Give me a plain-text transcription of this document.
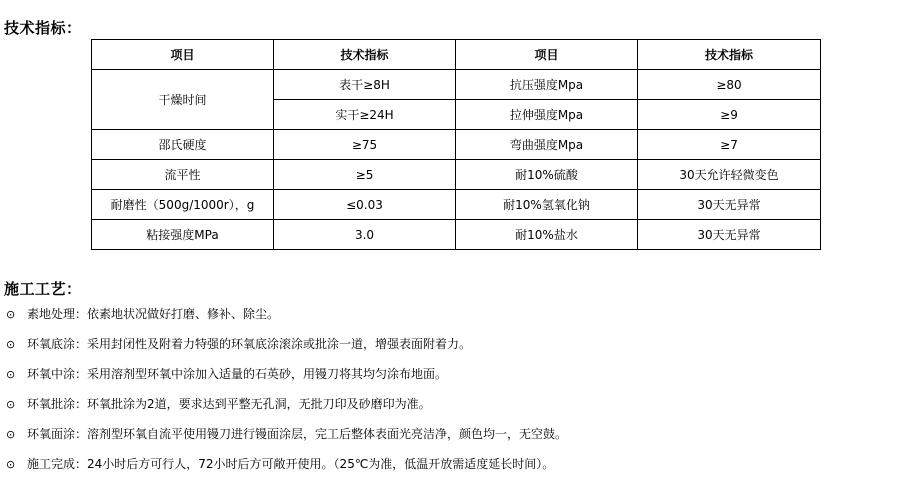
技术指标：
项目	技术指标	项目	技术指标
干燥时间	表干≥8H	抗压强度Mpa	≥80
	实干≥24H	拉伸强度Mpa	≥9
邵氏硬度	≥75	弯曲强度Mpa	≥7
流平性	≥5	耐10%硫酸	30天允许轻微变色
耐磨性（500g/1000r），g	≤0.03	耐10%氢氧化钠	30天无异常
粘接强度MPa	3.0	耐10%盐水	30天无异常
施工工艺：
⊙ 素地处理：依素地状况做好打磨、修补、除尘。
⊙ 环氧底涂：采用封闭性及附着力特强的环氧底涂滚涂或批涂一道，增强表面附着力。
⊙ 环氧中涂：采用溶剂型环氧中涂加入适量的石英砂，用镘刀将其均匀涂布地面。
⊙ 环氧批涂：环氧批涂为2道，要求达到平整无孔洞，无批刀印及砂磨印为准。
⊙ 环氧面涂：溶剂型环氧自流平使用镘刀进行镘面涂层，完工后整体表面光亮洁净，颜色均一，无空鼓。
⊙ 施工完成：24小时后方可行人，72小时后方可敞开使用。（25℃为准，低温开放需适度延长时间）。
